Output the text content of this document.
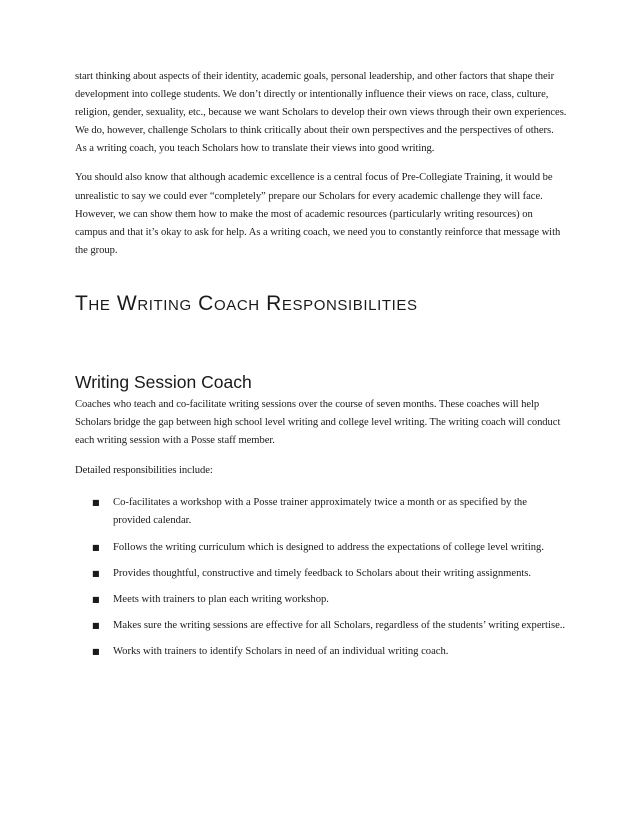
start thinking about aspects of their identity, academic goals, personal leadership, and other factors that shape their development into college students. We don’t directly or intentionally influence their views on race, class, culture, religion, gender, sexuality, etc., because we want Scholars to develop their own views through their own experiences. We do, however, challenge Scholars to think critically about their own perspectives and the perspectives of others. As a writing coach, you teach Scholars how to translate their views into good writing.

You should also know that although academic excellence is a central focus of Pre-Collegiate Training, it would be unrealistic to say we could ever “completely” prepare our Scholars for every academic challenge they will face. However, we can show them how to make the most of academic resources (particularly writing resources) on campus and that it’s okay to ask for help. As a writing coach, we need you to constantly reinforce that message with the group.

The Writing Coach Responsibilities
Writing Session Coach

Coaches who teach and co-facilitate writing sessions over the course of seven months. These coaches will help Scholars bridge the gap between high school level writing and college level writing. The writing coach will conduct each writing session with a Posse staff member.

Detailed responsibilities include:

■ Co-facilitates a workshop with a Posse trainer approximately twice a month or as specified by the provided calendar.
■ Follows the writing curriculum which is designed to address the expectations of college level writing.
■ Provides thoughtful, constructive and timely feedback to Scholars about their writing assignments.
■ Meets with trainers to plan each writing workshop.
■ Makes sure the writing sessions are effective for all Scholars, regardless of the students’ writing expertise..
■ Works with trainers to identify Scholars in need of an individual writing coach.
